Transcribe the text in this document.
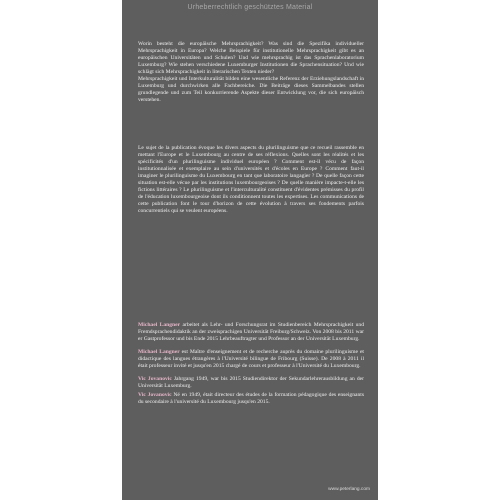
Urheberrechtlich geschütztes Material

Worin besteht die europäische Mehrsprachigkeit? Was sind die Spezifika individueller Mehrsprachigkeit in Europa? Welche Beispiele für institutionelle Mehrsprachigkeit gibt es an europäischen Universitäten und Schulen? Und wie mehrsprachig ist das Sprachenlaboratorium Luxemburg? Wie stehen verschiedene Luxemburger Institutionen die Sprachensituation? Und wie schlägt sich Mehrsprachigkeit in literarischen Texten nieder?

Mehrsprachigkeit und Interkulturalität bilden eine wesentliche Referenz der Erziehungslandschaft in Luxemburg und durchwirken alle Fachbereiche. Die Beiträge dieses Sammelbandes stellen grundlegende und zum Teil konkurrierende Aspekte dieser Entwicklung vor, die sich europäisch verstehen.

Le sujet de la publication évoque les divers aspects du plurilinguisme que ce recueil rassemble en mettant l'Europe et le Luxembourg au centre de ses réflexions. Quelles sont les réalités et les spécificités d'un plurilinguisme individuel européen ? Comment est-il vécu de façon institutionnalisée et exemplaire au sein d'universités et d'écoles en Europe ? Comment faut-il imaginer le plurilinguisme du Luxembourg en tant que laboratoire langagier ? De quelle façon cette situation est-elle vécue par les institutions luxembourgeoises ? De quelle manière impacte-t-elle les fictions littéraires ? Le plurilinguisme et l'interculturalité constituent d'évidentes prémisses du profil de l'éducation luxembourgeoise dont ils conditionnent toutes les expertises. Les communications de cette publication font le tour d'horizon de cette évolution à travers ses fondements parfois concurrentiels qui se veulent européens.

Michael Langner arbeitet als Lehr- und Forschungsrat im Studienbereich Mehrsprachigkeit und Fremdsprachendidaktik an der zweisprachigen Universität Freiburg/Schweiz. Von 2008 bis 2011 war er Gastprofessor und bis Ende 2015 Lehrbeauftragter und Professor an der Universität Luxemburg.

Michael Langner est Maître d'enseignement et de recherche auprès du domaine plurilinguisme et didactique des langues étrangères à l'Université bilingue de Fribourg (Suisse). De 2008 à 2011 il était professeur invité et jusqu'en 2015 chargé de cours et professeur à l'Université du Luxembourg.

Vic Jovanovic Jahrgang 1949, war bis 2015 Studiendirektor der Sekundarlehrerausbildung an der Universität Luxemburg.

Vic Jovanovic Né en 1949, était directeur des études de la formation pédagogique des enseignants du secondaire à l'université du Luxembourg jusqu'en 2015.

www.peterlang.com
